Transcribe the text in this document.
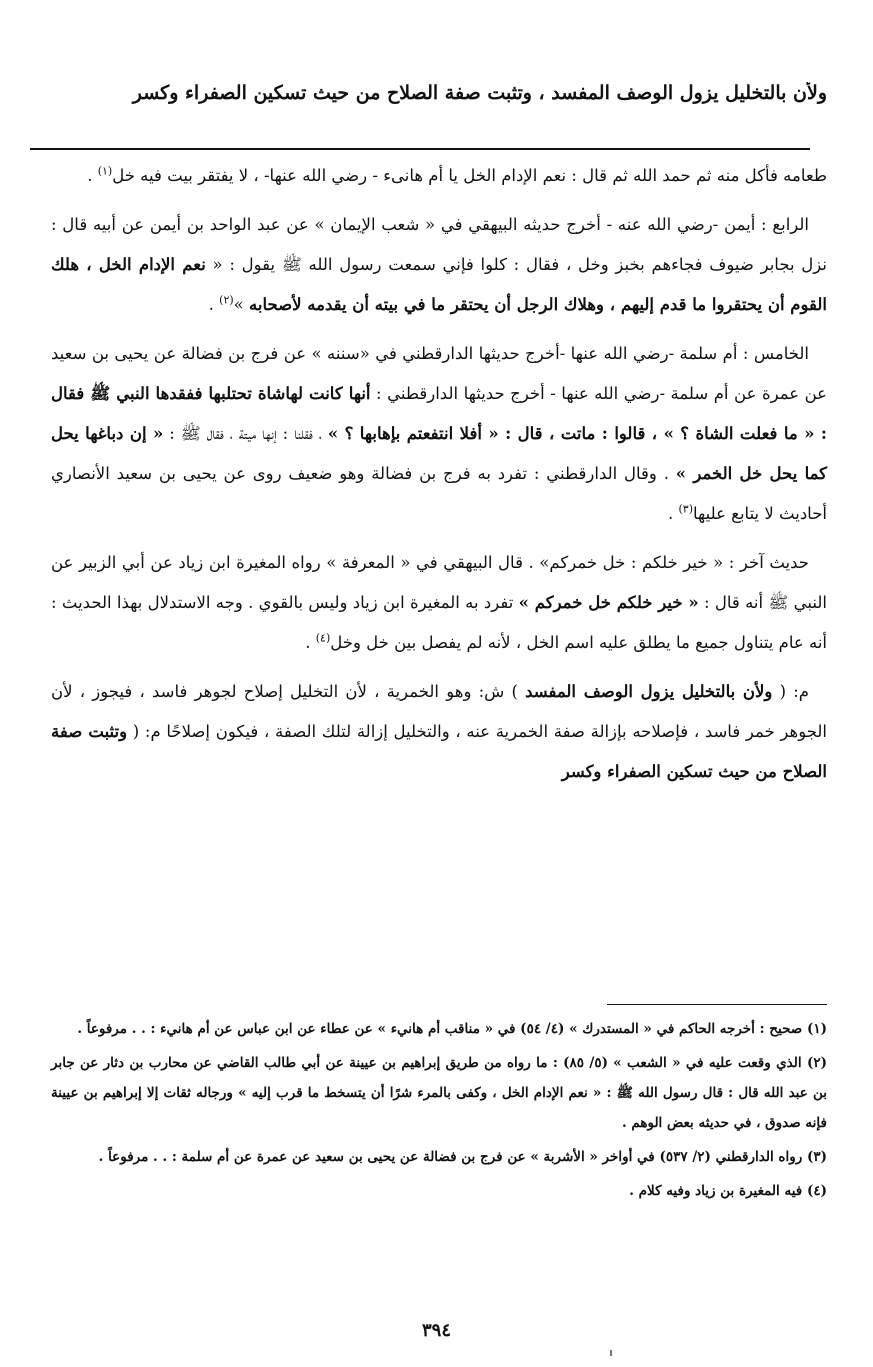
ولأن بالتخليل يزول الوصف المفسد ، وتثبت صفة الصلاح من حيث تسكين الصفراء وكسر

طعامه فأكل منه ثم حمد الله ثم قال : نعم الإدام الخل يا أم هانىء - رضي الله عنها- ، لا يفتقر بيت فيه خل$^{(١)}$ .

الرابع : أيمن -رضي الله عنه - أخرج حديثه البيهقي في « شعب الإيمان » عن عبد الواحد بن أيمن عن أبيه قال : نزل بجابر ضيوف فجاءهم بخبز وخل ، فقال : كلوا فإني سمعت رسول الله ﷺ يقول : « نعم الإدام الخل ، هلك القوم أن يحتقروا ما قدم إليهم ، وهلاك الرجل أن يحتقر ما في بيته أن يقدمه لأصحابه »$^{(٢)}$ .

الخامس : أم سلمة -رضي الله عنها -أخرج حديثها الدارقطني في «سننه » عن فرج بن فضالة عن يحيى بن سعيد عن عمرة عن أم سلمة -رضي الله عنها - أخرج حديثها الدارقطني : أنها كانت لهاشاة تحتلبها ففقدها النبي ﷺ فقال : « ما فعلت الشاة ؟ » ، قالوا : ماتت ، قال : « أفلا انتفعتم بإهابها ؟ » ، فقلنا : إنها ميتة ، فقال ﷺ : « إن دباغها يحل كما يحل خل الخمر » . وقال الدارقطني : تفرد به فرج بن فضالة وهو ضعيف روى عن يحيى بن سعيد الأنصاري أحاديث لا يتابع عليها$^{(٣)}$ .

حديث آخر : « خير خلكم : خل خمركم» . قال البيهقي في « المعرفة » رواه المغيرة ابن زياد عن أبي الزبير عن النبي ﷺ أنه قال : « خير خلكم خل خمركم » تفرد به المغيرة ابن زياد وليس بالقوي . وجه الاستدلال بهذا الحديث : أنه عام يتناول جميع ما يطلق عليه اسم الخل ، لأنه لم يفصل بين خل وخل$^{(٤)}$ .

م: ( ولأن بالتخليل يزول الوصف المفسد ) ش: وهو الخمرية ، لأن التخليل إصلاح لجوهر فاسد ، فيجوز ، لأن الجوهر خمر فاسد ، فإصلاحه بإزالة صفة الخمرية عنه ، والتخليل إزالة لتلك الصفة ، فيكون إصلاحًا م: ( وتثبت صفة الصلاح من حيث تسكين الصفراء وكسر

(١) صحيح : أخرجه الحاكم في « المستدرك » (٤/ ٥٤) في « مناقب أم هانيء » عن عطاء عن ابن عباس عن أم هانيء : . . مرفوعاً .
(٢) الذي وقعت عليه في « الشعب » (٥/ ٨٥) : ما رواه من طريق إبراهيم بن عيينة عن أبي طالب القاضي عن محارب بن دثار عن جابر بن عبد الله قال : قال رسول الله ﷺ : « نعم الإدام الخل ، وكفى بالمرء شرًا أن يتسخط ما قرب إليه » ورجاله ثقات إلا إبراهيم بن عيينة فإنه صدوق ، في حديثه بعض الوهم .
(٣) رواه الدارقطني (٢/ ٥٣٧) في أواخر « الأشربة » عن فرج بن فضالة عن يحيى بن سعيد عن عمرة عن أم سلمة : . . مرفوعاً .
(٤) فيه المغيرة بن زياد وفيه كلام .
٣٩٤
